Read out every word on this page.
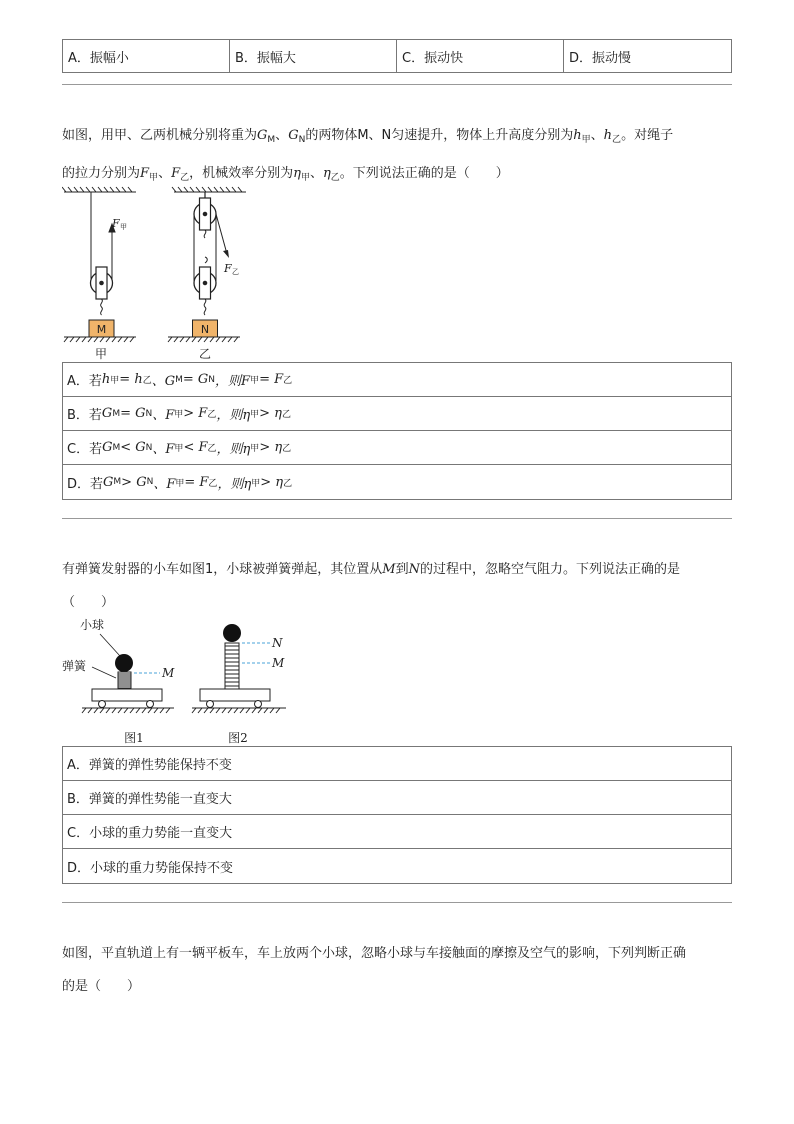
A．振幅小	B．振幅大	C．振动快	D．振动慢
如图，用甲、乙两机械分别将重为$G_M$、$G_N$的两物体M、N匀速提升，物体上升高度分别为$h_甲$、$h_乙$。对绳子
的拉力分别为$F_甲$、$F_乙$，机械效率分别为$\eta_甲$、$\eta_乙$。下列说法正确的是（　　）
F 甲
M
甲
F 乙
N
乙
A．若 h 甲 = h 乙 、G M = G N ，则F 甲 = F 乙
B．若 G M = G N 、F 甲 > F 乙 ，则η 甲 > η 乙
C．若 G M < G N 、F 甲 < F 乙 ，则η 甲 > η 乙
D．若 G M > G N 、F 甲 = F 乙 ，则η 甲 > η 乙
有弹簧发射器的小车如图1，小球被弹簧弹起，其位置从M到N的过程中，忽略空气阻力。下列说法正确的是
（　　）
小球
弹簧	M
图1
N
M
图2
A．弹簧的弹性势能保持不变
B．弹簧的弹性势能一直变大
C．小球的重力势能一直变大
D．小球的重力势能保持不变
如图，平直轨道上有一辆平板车，车上放两个小球，忽略小球与车接触面的摩擦及空气的影响，下列判断正确
的是（　　）
